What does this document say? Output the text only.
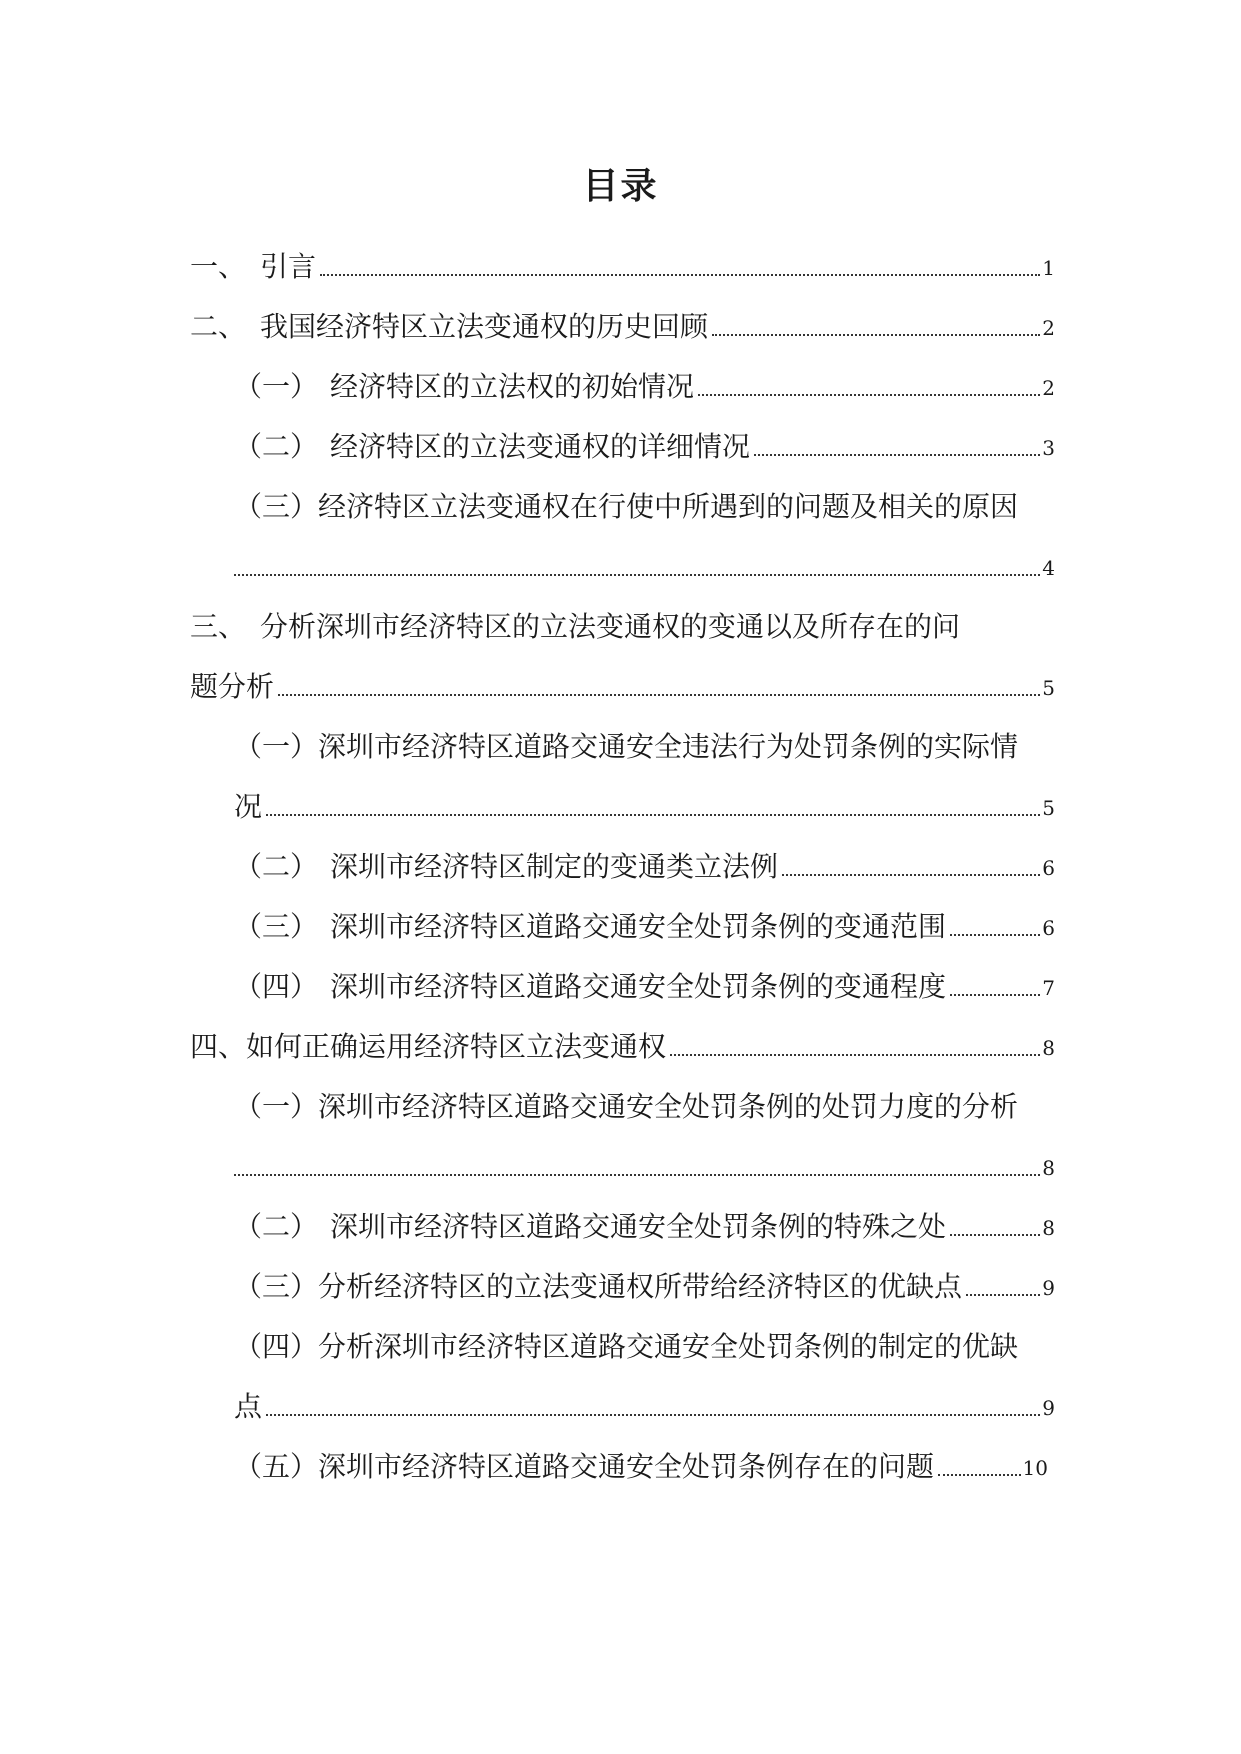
目录
一、 引言	1
二、 我国经济特区立法变通权的历史回顾	2
（一） 经济特区的立法权的初始情况	2
（二） 经济特区的立法变通权的详细情况	3
（三）经济特区立法变通权在行使中所遇到的问题及相关的原因
4
三、 分析深圳市经济特区的立法变通权的变通以及所存在的问
题分析	5
（一）深圳市经济特区道路交通安全违法行为处罚条例的实际情
况	5
（二） 深圳市经济特区制定的变通类立法例	6
（三） 深圳市经济特区道路交通安全处罚条例的变通范围	6
（四） 深圳市经济特区道路交通安全处罚条例的变通程度	7
四、 如何正确运用经济特区立法变通权	8
（一）深圳市经济特区道路交通安全处罚条例的处罚力度的分析
8
（二） 深圳市经济特区道路交通安全处罚条例的特殊之处	8
（三） 分析经济特区的立法变通权所带给经济特区的优缺点	9
（四）分析深圳市经济特区道路交通安全处罚条例的制定的优缺
点	9
（五） 深圳市经济特区道路交通安全处罚条例存在的问题	10
